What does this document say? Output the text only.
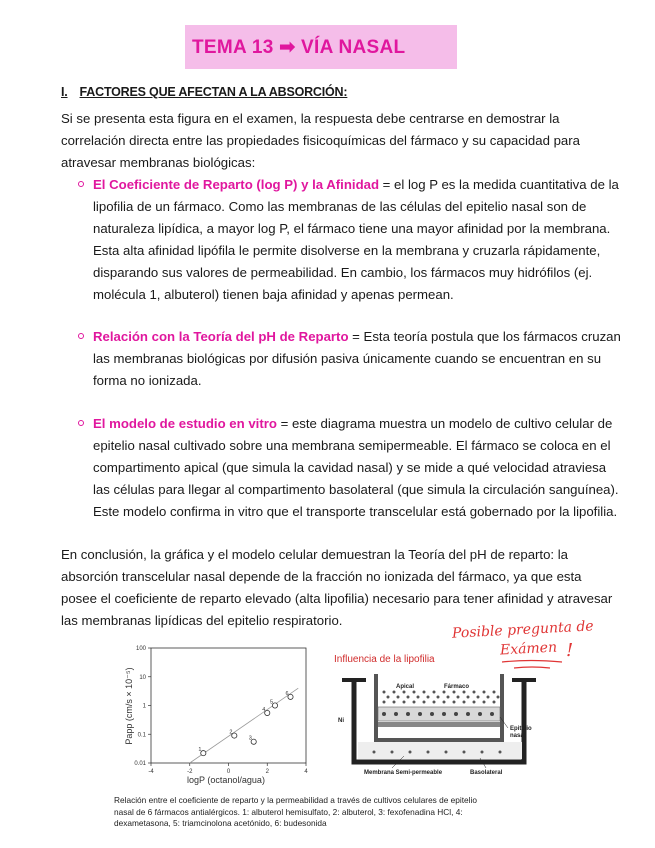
TEMA 13 ➡ VÍA NASAL
I. FACTORES QUE AFECTAN A LA ABSORCIÓN:
Si se presenta esta figura en el examen, la respuesta debe centrarse en demostrar la correlación directa entre las propiedades fisicoquímicas del fármaco y su capacidad para atravesar membranas biológicas:
El Coeficiente de Reparto (log P) y la Afinidad = el log P es la medida cuantitativa de la lipofilia de un fármaco. Como las membranas de las células del epitelio nasal son de naturaleza lipídica, a mayor log P, el fármaco tiene una mayor afinidad por la membrana. Esta alta afinidad lipófila le permite disolverse en la membrana y cruzarla rápidamente, disparando sus valores de permeabilidad. En cambio, los fármacos muy hidrófilos (ej. molécula 1, albuterol) tienen baja afinidad y apenas permean.
Relación con la Teoría del pH de Reparto = Esta teoría postula que los fármacos cruzan las membranas biológicas por difusión pasiva únicamente cuando se encuentran en su forma no ionizada.
El modelo de estudio en vitro = este diagrama muestra un modelo de cultivo celular de epitelio nasal cultivado sobre una membrana semipermeable. El fármaco se coloca en el compartimento apical (que simula la cavidad nasal) y se mide a qué velocidad atraviesa las células para llegar al compartimento basolateral (que simula la circulación sanguínea). Este modelo confirma in vitro que el transporte transcelular está gobernado por la lipofilia.
En conclusión, la gráfica y el modelo celular demuestran la Teoría del pH de reparto: la absorción transcelular nasal depende de la fracción no ionizada del fármaco, ya que esta posee el coeficiente de reparto elevado (alta lipofilia) necesario para tener afinidad y atravesar las membranas lipídicas del epitelio respiratorio.	Posible pregunta de
Exámen !
-4	-2	0	2	4
0.01
0.1
1
10
100
1
2
3
4
5
6
logP (octanol/agua)
Papp (cm/s × 10⁻⁵)
Influencia de la lipofilia
Apical	Fármaco
Ni
Epitelio nasal
Membrana Semi-permeable	Basolateral
Relación entre el coeficiente de reparto y la permeabilidad a través de cultivos celulares de epitelio nasal de 6 fármacos antialérgicos. 1: albuterol hemisulfato, 2: albuterol, 3: fexofenadina HCl, 4: dexametasona, 5: triamcinolona acetónido, 6: budesonida
